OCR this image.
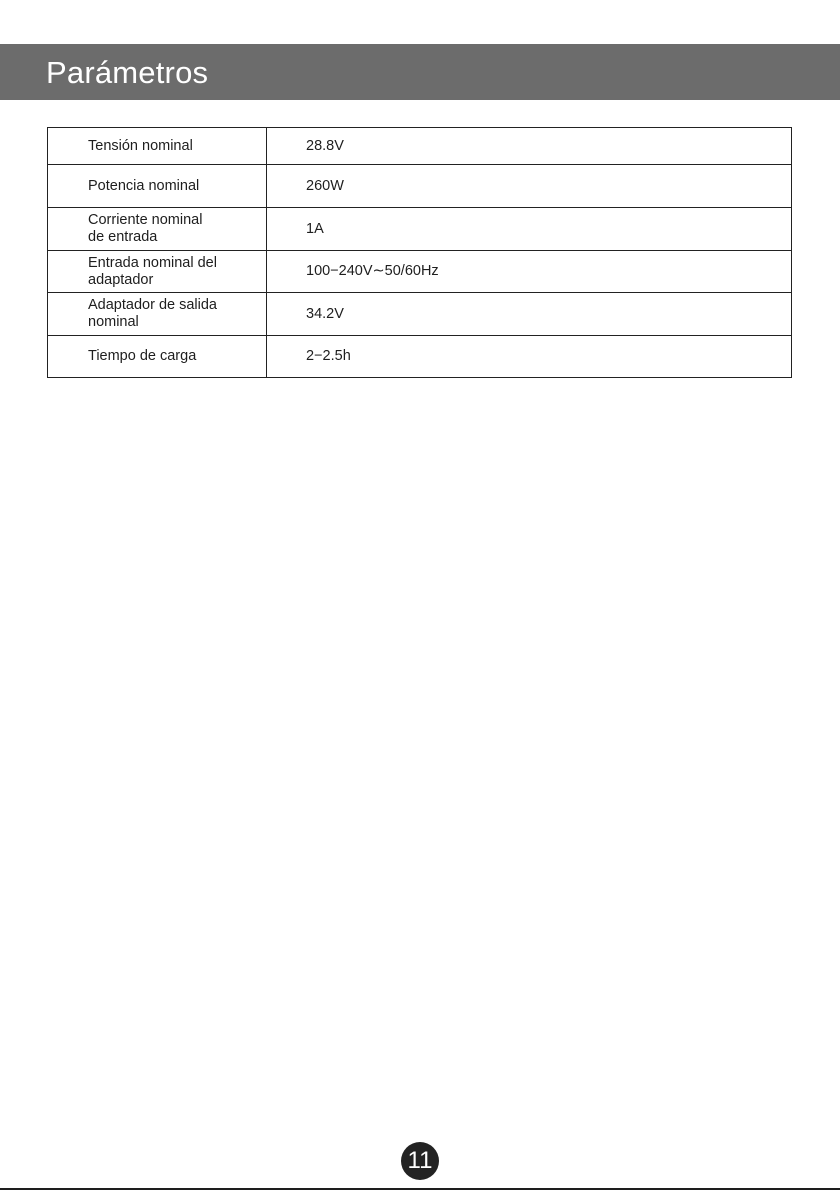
Parámetros
Tensión nominal	28.8V
Potencia nominal	260W
Corriente nominal
de entrada	1A
Entrada nominal del
adaptador	100−240V∼50/60Hz
Adaptador de salida
nominal	34.2V
Tiempo de carga	2−2.5h
11
